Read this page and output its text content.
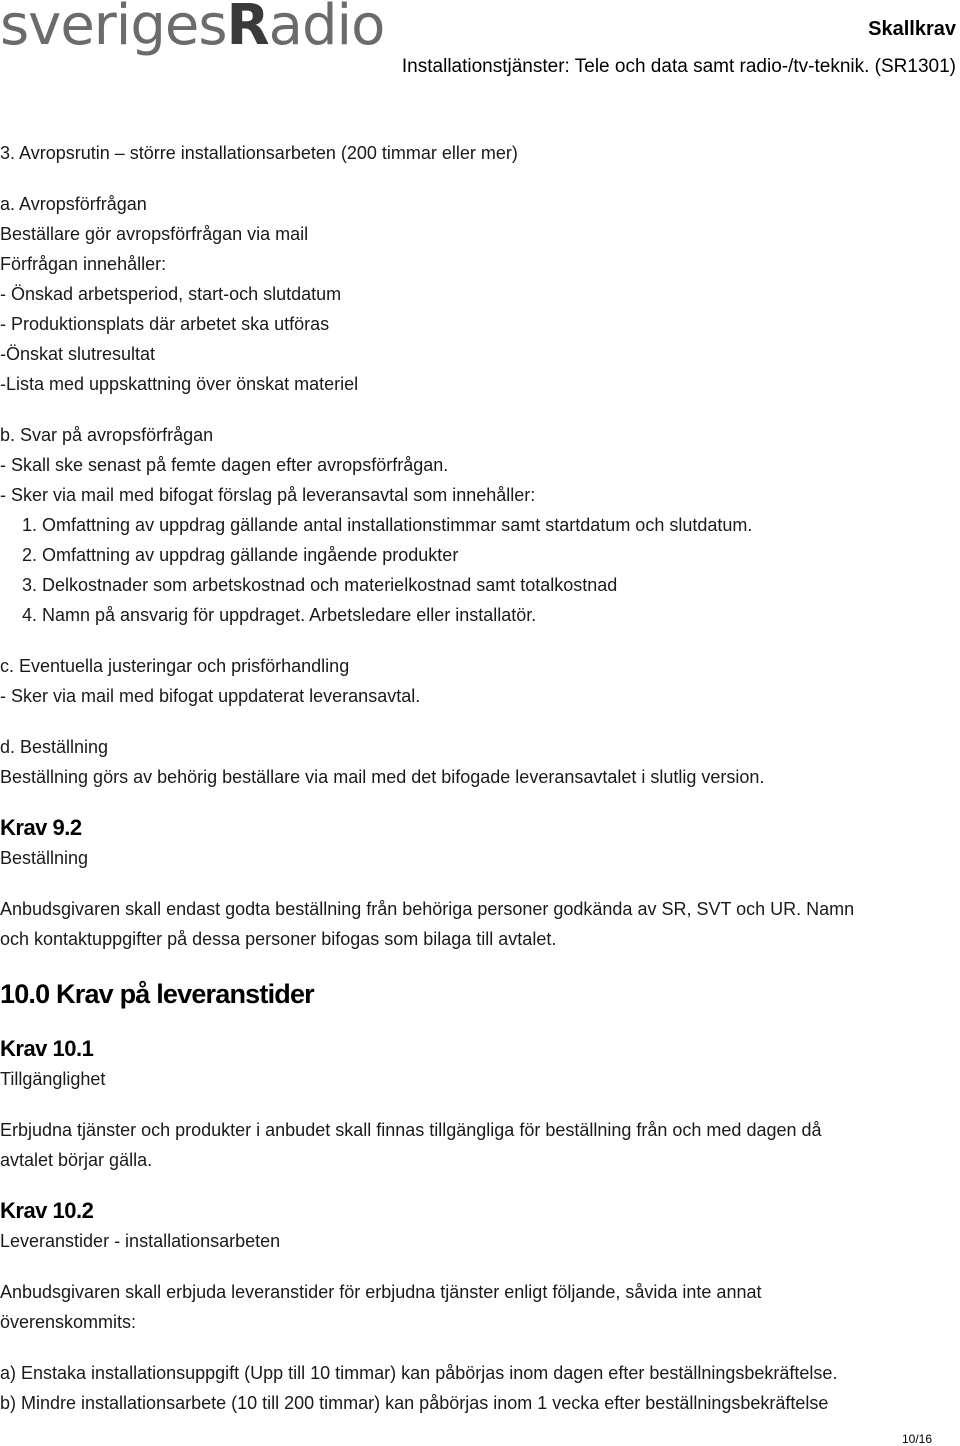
sverigesRadio	Skallkrav
Installationstjänster: Tele och data samt radio-/tv-teknik. (SR1301)

3. Avropsrutin – större installationsarbeten (200 timmar eller mer)

a. Avropsförfrågan

Beställare gör avropsförfrågan via mail

Förfrågan innehåller:

- Önskad arbetsperiod, start-och slutdatum

- Produktionsplats där arbetet ska utföras

-Önskat slutresultat

-Lista med uppskattning över önskat materiel

b. Svar på avropsförfrågan

- Skall ske senast på femte dagen efter avropsförfrågan.

- Sker via mail med bifogat förslag på leveransavtal som innehåller:

1. Omfattning av uppdrag gällande antal installationstimmar samt startdatum och slutdatum.

2. Omfattning av uppdrag gällande ingående produkter

3. Delkostnader som arbetskostnad och materielkostnad samt totalkostnad

4. Namn på ansvarig för uppdraget. Arbetsledare eller installatör.

c. Eventuella justeringar och prisförhandling

- Sker via mail med bifogat uppdaterat leveransavtal.

d. Beställning

Beställning görs av behörig beställare via mail med det bifogade leveransavtalet i slutlig version.

Krav 9.2

Beställning

Anbudsgivaren skall endast godta beställning från behöriga personer godkända av SR, SVT och UR. Namn

och kontaktuppgifter på dessa personer bifogas som bilaga till avtalet.

10.0 Krav på leveranstider

Krav 10.1

Tillgänglighet

Erbjudna tjänster och produkter i anbudet skall finnas tillgängliga för beställning från och med dagen då

avtalet börjar gälla.

Krav 10.2

Leveranstider - installationsarbeten

Anbudsgivaren skall erbjuda leveranstider för erbjudna tjänster enligt följande, såvida inte annat

överenskommits:

a) Enstaka installationsuppgift (Upp till 10 timmar) kan påbörjas inom dagen efter beställningsbekräftelse.

b) Mindre installationsarbete (10 till 200 timmar) kan påbörjas inom 1 vecka efter beställningsbekräftelse

10/16
